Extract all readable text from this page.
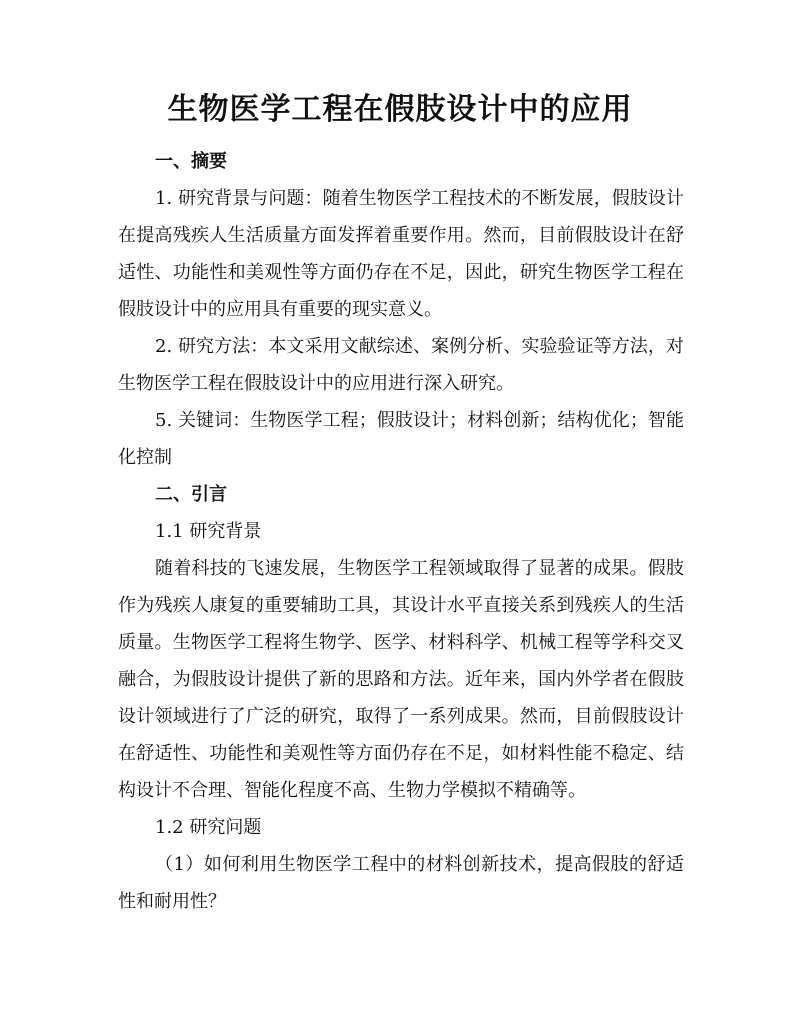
生物医学工程在假肢设计中的应用

一、摘要

1. 研究背景与问题：随着生物医学工程技术的不断发展，假肢设计在提高残疾人生活质量方面发挥着重要作用。然而，目前假肢设计在舒适性、功能性和美观性等方面仍存在不足，因此，研究生物医学工程在假肢设计中的应用具有重要的现实意义。

2. 研究方法：本文采用文献综述、案例分析、实验验证等方法，对生物医学工程在假肢设计中的应用进行深入研究。

5. 关键词：生物医学工程；假肢设计；材料创新；结构优化；智能化控制

二、引言

1.1 研究背景

随着科技的飞速发展，生物医学工程领域取得了显著的成果。假肢作为残疾人康复的重要辅助工具，其设计水平直接关系到残疾人的生活质量。生物医学工程将生物学、医学、材料科学、机械工程等学科交叉融合，为假肢设计提供了新的思路和方法。近年来，国内外学者在假肢设计领域进行了广泛的研究，取得了一系列成果。然而，目前假肢设计在舒适性、功能性和美观性等方面仍存在不足，如材料性能不稳定、结构设计不合理、智能化程度不高、生物力学模拟不精确等。

1.2 研究问题

（1）如何利用生物医学工程中的材料创新技术，提高假肢的舒适性和耐用性？
